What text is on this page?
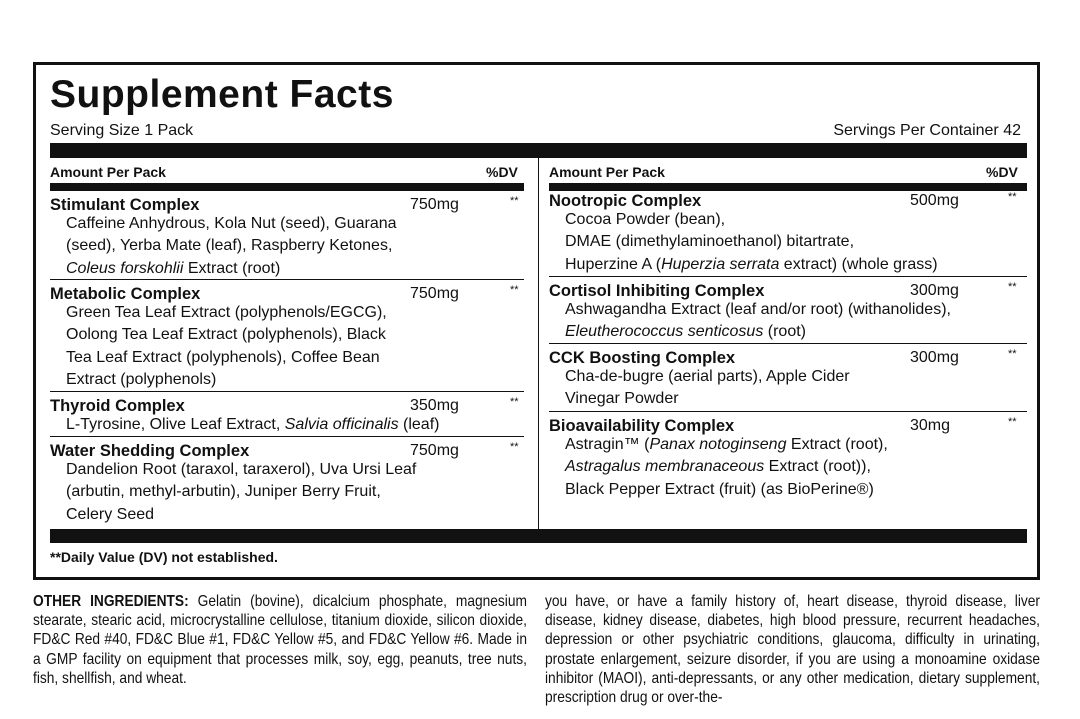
Supplement Facts
Serving Size 1 Pack	Servings Per Container 42
Amount Per Pack	%DV Amount Per Pack	%DV
Stimulant Complex	750mg	**
Caffeine Anhydrous, Kola Nut (seed), Guarana
(seed), Yerba Mate (leaf), Raspberry Ketones,
Coleus forskohlii Extract (root)
Metabolic Complex	750mg	**
Green Tea Leaf Extract (polyphenols/EGCG),
Oolong Tea Leaf Extract (polyphenols), Black
Tea Leaf Extract (polyphenols), Coffee Bean
Extract (polyphenols)
Thyroid Complex	350mg	**
L-Tyrosine, Olive Leaf Extract, Salvia officinalis (leaf)
Water Shedding Complex	750mg	**
Dandelion Root (taraxol, taraxerol), Uva Ursi Leaf
(arbutin, methyl-arbutin), Juniper Berry Fruit,
Celery Seed
Nootropic Complex	500mg	**
Cocoa Powder (bean),
DMAE (dimethylaminoethanol) bitartrate,
Huperzine A (Huperzia serrata extract) (whole grass)
Cortisol Inhibiting Complex	300mg	**
Ashwagandha Extract (leaf and/or root) (withanolides),
Eleutherococcus senticosus (root)
CCK Boosting Complex	300mg	**
Cha-de-bugre (aerial parts), Apple Cider
Vinegar Powder
Bioavailability Complex	30mg	**
Astragin™ (Panax notoginseng Extract (root),
Astragalus membranaceous Extract (root)),
Black Pepper Extract (fruit) (as BioPerine®)
**Daily Value (DV) not established.

OTHER INGREDIENTS: Gelatin (bovine), dicalcium phosphate, magnesium stearate, stearic acid, microcrystalline cellulose, titanium dioxide, silicon dioxide, FD&C Red #40, FD&C Blue #1, FD&C Yellow #5, and FD&C Yellow #6. Made in a GMP facility on equipment that processes milk, soy, egg, peanuts, tree nuts, fish, shellfish, and wheat.

you have, or have a family history of, heart disease, thyroid disease, liver disease, kidney disease, diabetes, high blood pressure, recurrent headaches, depression or other psychiatric conditions, glaucoma, difficulty in urinating, prostate enlargement, seizure disorder, if you are using a monoamine oxidase inhibitor (MAOI), anti-depressants, or any other medication, dietary supplement, prescription drug or over-the-
